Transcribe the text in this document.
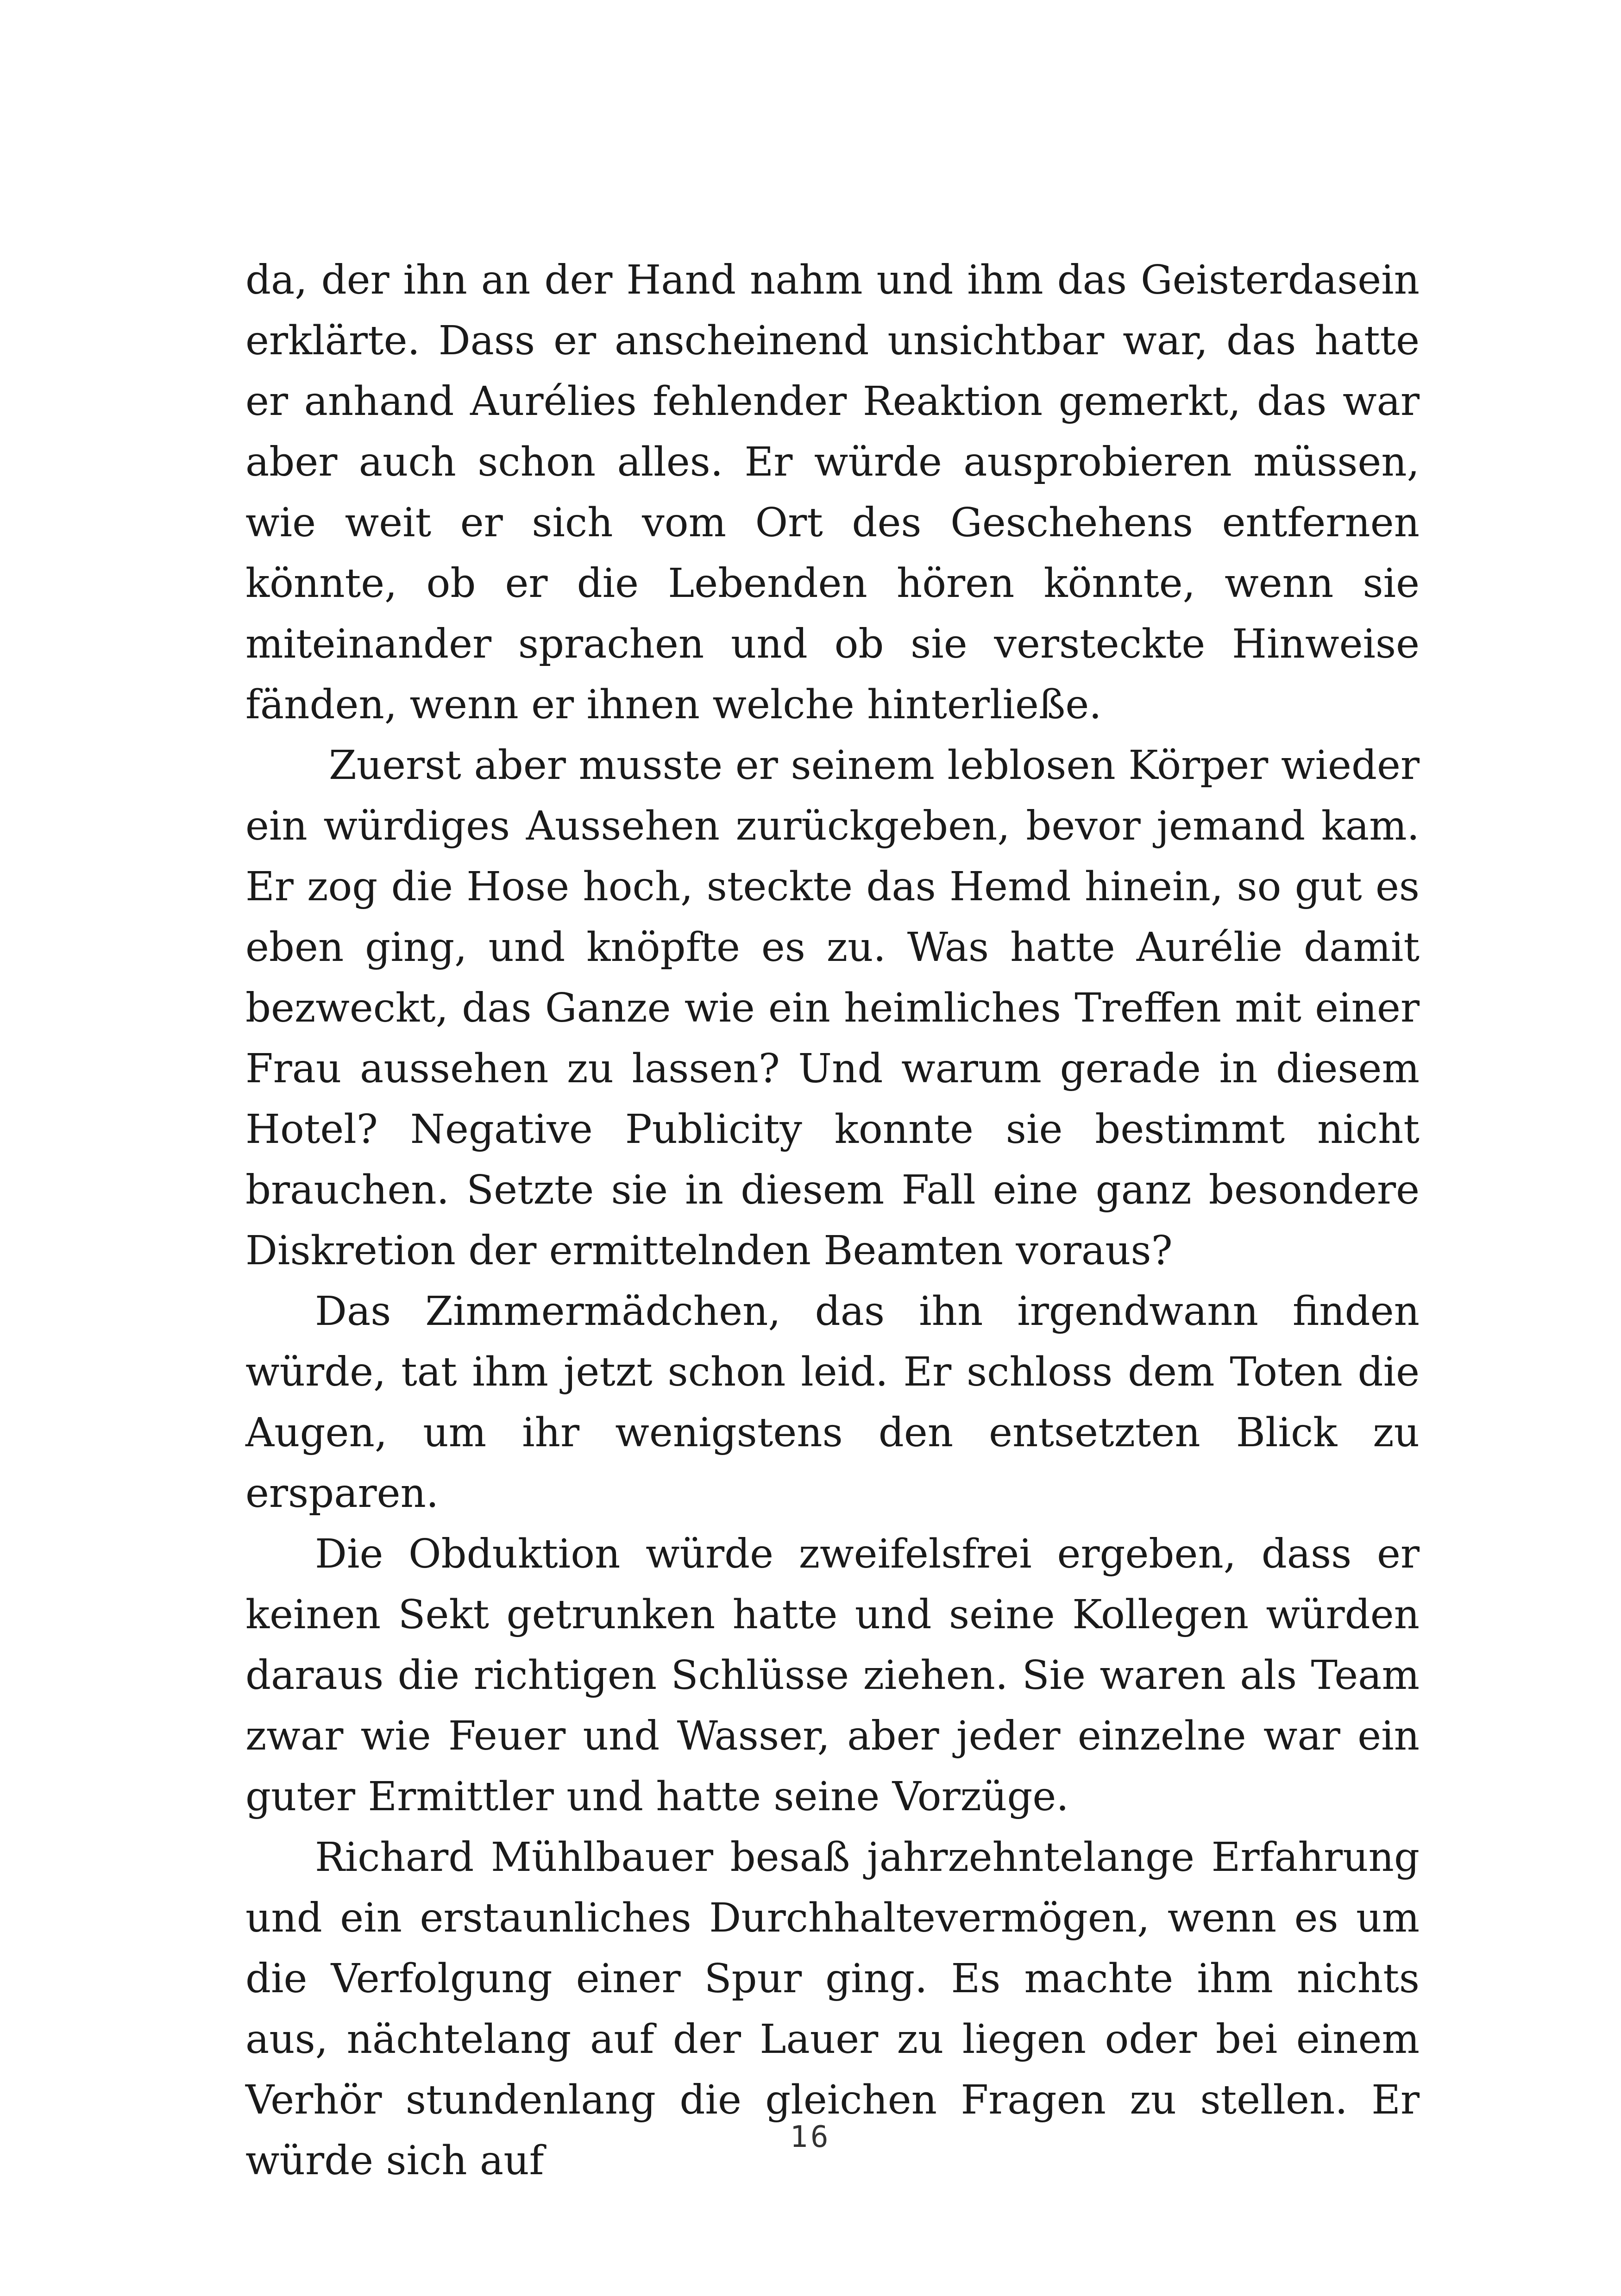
da, der ihn an der Hand nahm und ihm das Geisterdasein erklärte. Dass er anscheinend unsichtbar war, das hatte er anhand Aurélies fehlender Reaktion gemerkt, das war aber auch schon alles. Er würde ausprobieren müssen, wie weit er sich vom Ort des Geschehens entfernen könnte, ob er die Lebenden hören könnte, wenn sie miteinander sprachen und ob sie versteckte Hinweise fänden, wenn er ihnen welche hinterließe.

Zuerst aber musste er seinem leblosen Körper wieder ein würdiges Aussehen zurückgeben, bevor jemand kam. Er zog die Hose hoch, steckte das Hemd hinein, so gut es eben ging, und knöpfte es zu. Was hatte Aurélie damit bezweckt, das Ganze wie ein heimliches Treffen mit einer Frau aussehen zu lassen? Und warum gerade in diesem Hotel? Negative Publicity konnte sie bestimmt nicht brauchen. Setzte sie in diesem Fall eine ganz besondere Diskretion der ermittelnden Beamten voraus?

Das Zimmermädchen, das ihn irgendwann finden würde, tat ihm jetzt schon leid. Er schloss dem Toten die Augen, um ihr wenigstens den entsetzten Blick zu ersparen.

Die Obduktion würde zweifelsfrei ergeben, dass er keinen Sekt getrunken hatte und seine Kollegen würden daraus die richtigen Schlüsse ziehen. Sie waren als Team zwar wie Feuer und Wasser, aber jeder einzelne war ein guter Ermittler und hatte seine Vorzüge.

Richard Mühlbauer besaß jahrzehntelange Erfahrung und ein erstaunliches Durchhaltevermögen, wenn es um die Verfolgung einer Spur ging. Es machte ihm nichts aus, nächtelang auf der Lauer zu liegen oder bei einem Verhör stundenlang die gleichen Fragen zu stellen. Er würde sich auf

16
